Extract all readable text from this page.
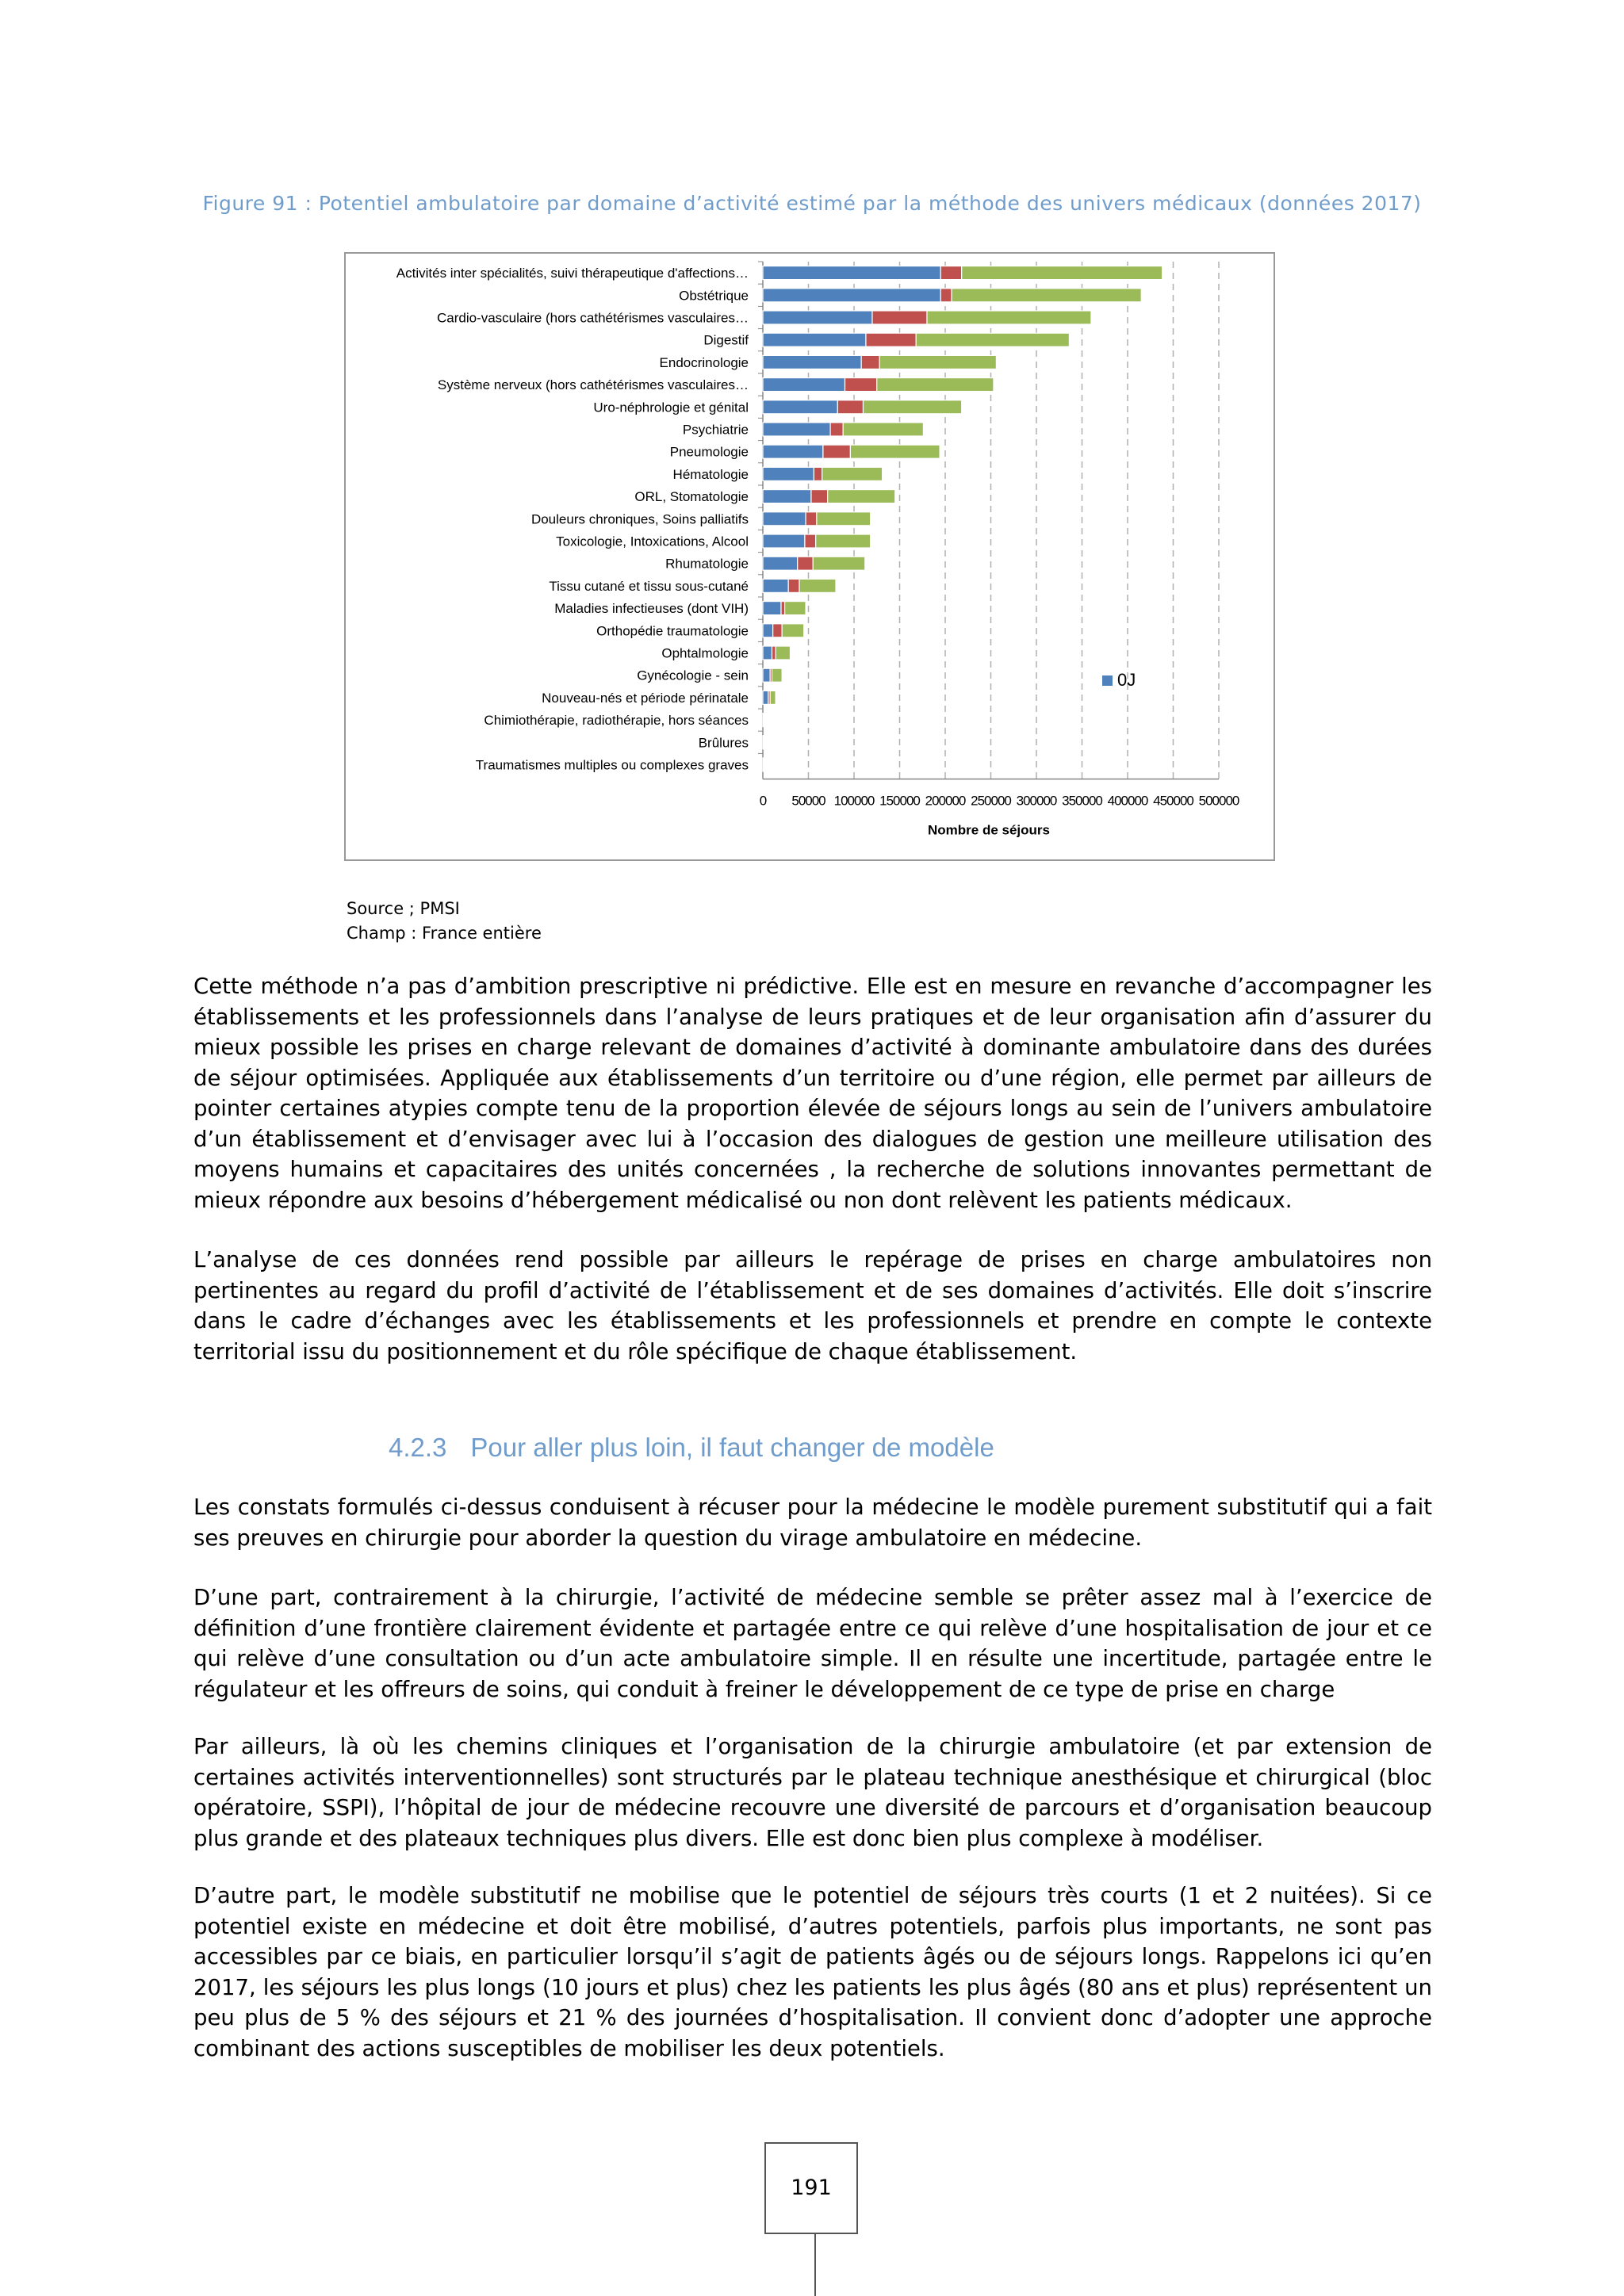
Figure 91 : Potentiel ambulatoire par domaine d’activité estimé par la méthode des univers médicaux (données 2017)
Activités inter spécialités, suivi thérapeutique d'affections…
Obstétrique
Cardio-vasculaire (hors cathétérismes vasculaires…
Digestif
Endocrinologie
Système nerveux (hors cathétérismes vasculaires…
Uro-néphrologie et génital
Psychiatrie
Pneumologie
Hématologie
ORL, Stomatologie
Douleurs chroniques, Soins palliatifs
Toxicologie, Intoxications, Alcool
Rhumatologie
Tissu cutané et tissu sous-cutané
Maladies infectieuses (dont VIH)
Orthopédie traumatologie
Ophtalmologie
Gynécologie - sein
Nouveau-nés et période périnatale
Chimiothérapie, radiothérapie, hors séances
Brûlures
Traumatismes multiples ou complexes graves
0 50000 100000 150000 200000 250000 300000 350000 400000 450000 500000
Nombre de séjours
0J
Source ; PMSI
Champ : France entière

Cette méthode n’a pas d’ambition prescriptive ni prédictive. Elle est en mesure en revanche d’accompagner les établissements et les professionnels dans l’analyse de leurs pratiques et de leur organisation afin d’assurer du mieux possible les prises en charge relevant de domaines d’activité à dominante ambulatoire dans des durées de séjour optimisées. Appliquée aux établissements d’un territoire ou d’une région, elle permet par ailleurs de pointer certaines atypies compte tenu de la proportion élevée de séjours longs au sein de l’univers ambulatoire d’un établissement et d’envisager avec lui à l’occasion des dialogues de gestion une meilleure utilisation des moyens humains et capacitaires des unités concernées , la recherche de solutions innovantes permettant de mieux répondre aux besoins d’hébergement médicalisé ou non dont relèvent les patients médicaux.

L’analyse de ces données rend possible par ailleurs le repérage de prises en charge ambulatoires non pertinentes au regard du profil d’activité de l’établissement et de ses domaines d’activités. Elle doit s’inscrire dans le cadre d’échanges avec les établissements et les professionnels et prendre en compte le contexte territorial issu du positionnement et du rôle spécifique de chaque établissement.

4.2.3 Pour aller plus loin, il faut changer de modèle

Les constats formulés ci-dessus conduisent à récuser pour la médecine le modèle purement substitutif qui a fait ses preuves en chirurgie pour aborder la question du virage ambulatoire en médecine.

D’une part, contrairement à la chirurgie, l’activité de médecine semble se prêter assez mal à l’exercice de définition d’une frontière clairement évidente et partagée entre ce qui relève d’une hospitalisation de jour et ce qui relève d’une consultation ou d’un acte ambulatoire simple. Il en résulte une incertitude, partagée entre le régulateur et les offreurs de soins, qui conduit à freiner le développement de ce type de prise en charge

Par ailleurs, là où les chemins cliniques et l’organisation de la chirurgie ambulatoire (et par extension de certaines activités interventionnelles) sont structurés par le plateau technique anesthésique et chirurgical (bloc opératoire, SSPI), l’hôpital de jour de médecine recouvre une diversité de parcours et d’organisation beaucoup plus grande et des plateaux techniques plus divers. Elle est donc bien plus complexe à modéliser.

D’autre part, le modèle substitutif ne mobilise que le potentiel de séjours très courts (1 et 2 nuitées). Si ce potentiel existe en médecine et doit être mobilisé, d’autres potentiels, parfois plus importants, ne sont pas accessibles par ce biais, en particulier lorsqu’il s’agit de patients âgés ou de séjours longs. Rappelons ici qu’en 2017, les séjours les plus longs (10 jours et plus) chez les patients les plus âgés (80 ans et plus) représentent un peu plus de 5 % des séjours et 21 % des journées d’hospitalisation. Il convient donc d’adopter une approche combinant des actions susceptibles de mobiliser les deux potentiels.

191
